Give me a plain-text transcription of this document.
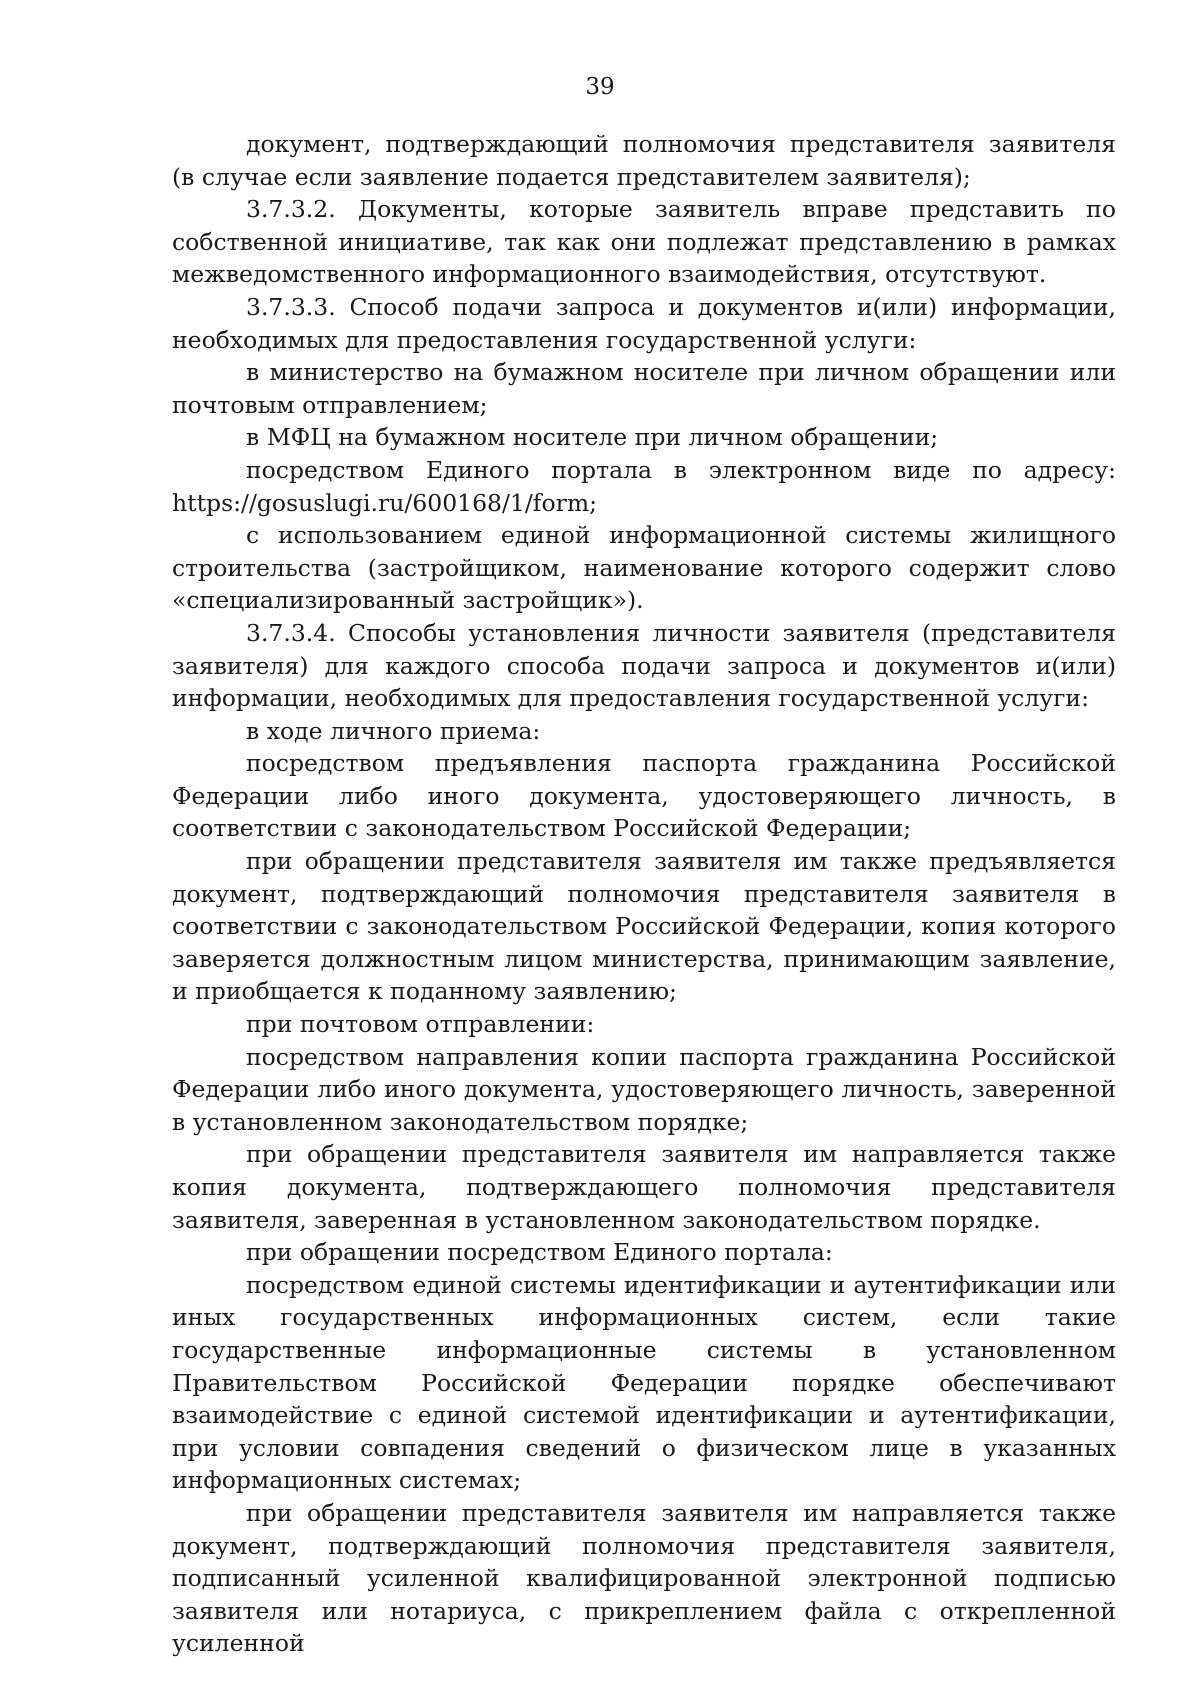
39

документ, подтверждающий полномочия представителя заявителя (в случае если заявление подается представителем заявителя);

3.7.3.2. Документы, которые заявитель вправе представить по собственной инициативе, так как они подлежат представлению в рамках межведомственного информационного взаимодействия, отсутствуют.

3.7.3.3. Способ подачи запроса и документов и(или) информации, необходимых для предоставления государственной услуги:

в министерство на бумажном носителе при личном обращении или почтовым отправлением;

в МФЦ на бумажном носителе при личном обращении;

посредством Единого портала в электронном виде по адресу: https://gosuslugi.ru/600168/1/form;

с использованием единой информационной системы жилищного строительства (застройщиком, наименование которого содержит слово «специализированный застройщик»).

3.7.3.4. Способы установления личности заявителя (представителя заявителя) для каждого способа подачи запроса и документов и(или) информации, необходимых для предоставления государственной услуги:

в ходе личного приема:

посредством предъявления паспорта гражданина Российской Федерации либо иного документа, удостоверяющего личность, в соответствии с законодательством Российской Федерации;

при обращении представителя заявителя им также предъявляется документ, подтверждающий полномочия представителя заявителя в соответствии с законодательством Российской Федерации, копия которого заверяется должностным лицом министерства, принимающим заявление, и приобщается к поданному заявлению;

при почтовом отправлении:

посредством направления копии паспорта гражданина Российской Федерации либо иного документа, удостоверяющего личность, заверенной в установленном законодательством порядке;

при обращении представителя заявителя им направляется также копия документа, подтверждающего полномочия представителя заявителя, заверенная в установленном законодательством порядке.

при обращении посредством Единого портала:

посредством единой системы идентификации и аутентификации или иных государственных информационных систем, если такие государственные информационные системы в установленном Правительством Российской Федерации порядке обеспечивают взаимодействие с единой системой идентификации и аутентификации, при условии совпадения сведений о физическом лице в указанных информационных системах;

при обращении представителя заявителя им направляется также документ, подтверждающий полномочия представителя заявителя, подписанный усиленной квалифицированной электронной подписью заявителя или нотариуса, с прикреплением файла с открепленной усиленной
